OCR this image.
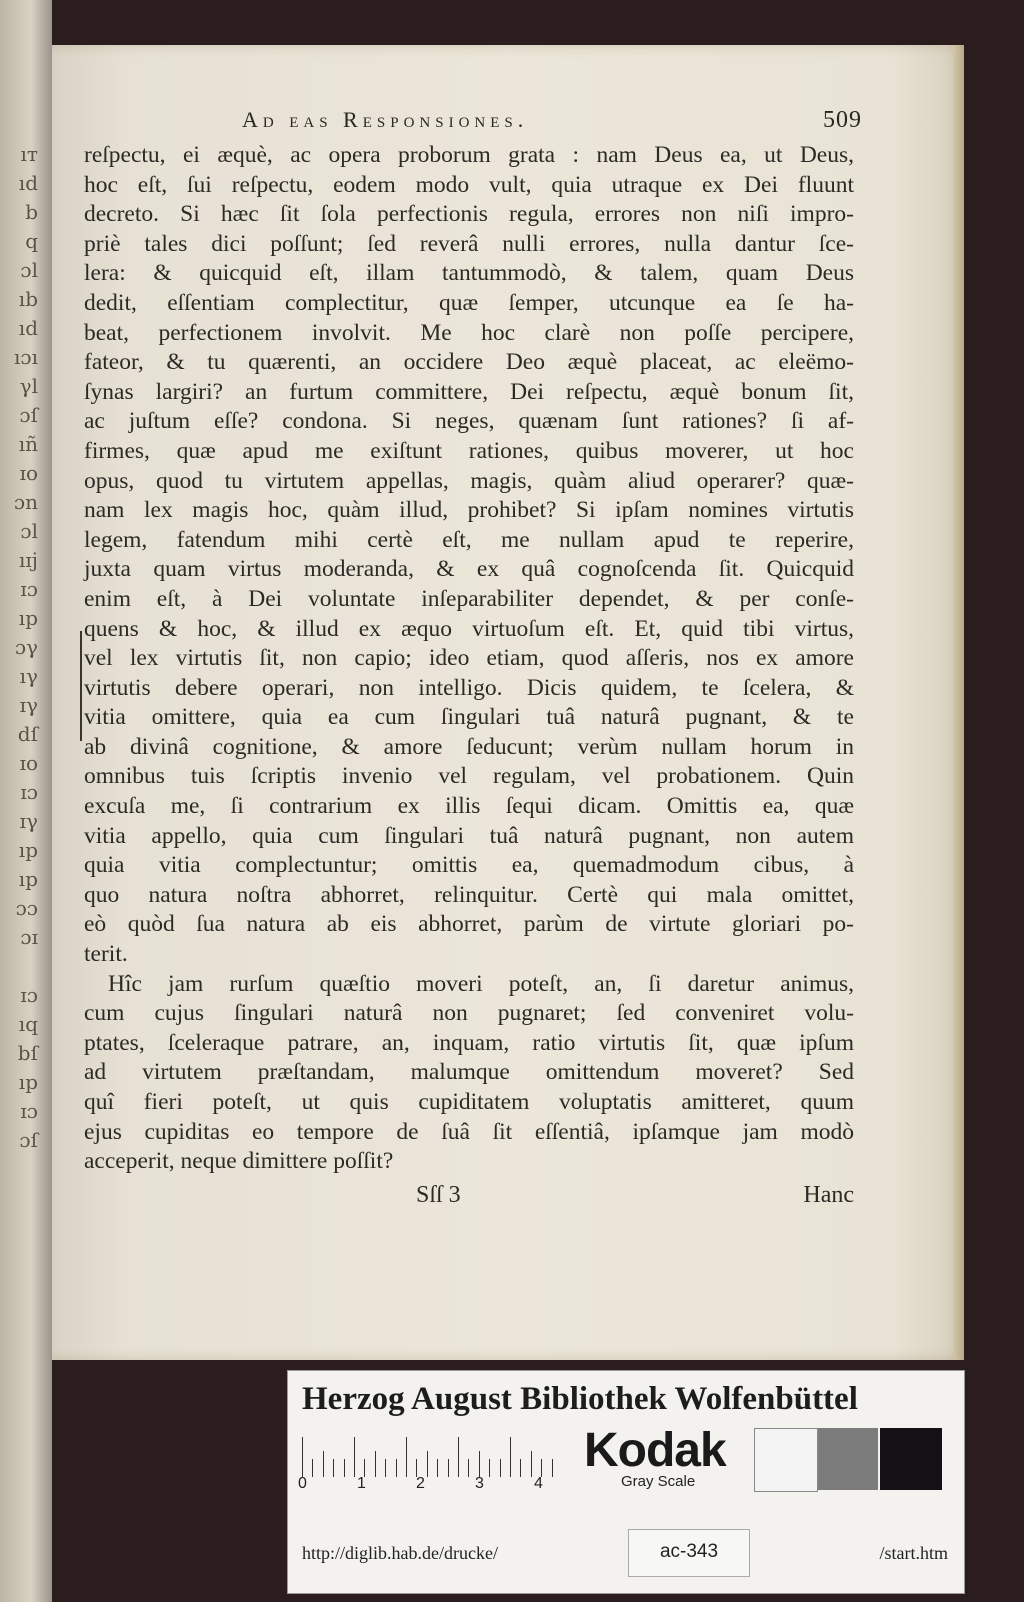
ıт
ıd
b
q
ɔl
ıb
ıd
ıɔı
γl
ɔſ
ıñ
ɪo
ɔn
ɔl
ıɪj
ɪɔ
ıp
ɔγ
ıγ
ɪγ
dſ
ɪo
ɪɔ
ɪγ
ıp
ıp
ɔɔ
ɔɪ
ɪɔ
ıq
bſ
ıp
ɪɔ
ɔſ
Ad eas Responsiones.	509
reſpectu, ei æquè, ac opera proborum grata : nam Deus ea, ut Deus,
hoc eſt, ſui reſpectu, eodem modo vult, quia utraque ex Dei fluunt
decreto. Si hæc ſit ſola perfectionis regula, errores non niſi impro-
priè tales dici poſſunt; ſed reverâ nulli errores, nulla dantur ſce-
lera: & quicquid eſt, illam tantummodò, & talem, quam Deus
dedit, eſſentiam complectitur, quæ ſemper, utcunque ea ſe ha-
beat, perfectionem involvit. Me hoc clarè non poſſe percipere,
fateor, & tu quærenti, an occidere Deo æquè placeat, ac eleëmo-
ſynas largiri? an furtum committere, Dei reſpectu, æquè bonum ſit,
ac juſtum eſſe? condona. Si neges, quænam ſunt rationes? ſi af-
firmes, quæ apud me exiſtunt rationes, quibus moverer, ut hoc
opus, quod tu virtutem appellas, magis, quàm aliud operarer? quæ-
nam lex magis hoc, quàm illud, prohibet? Si ipſam nomines virtutis
legem, fatendum mihi certè eſt, me nullam apud te reperire,
juxta quam virtus moderanda, & ex quâ cognoſcenda ſit. Quicquid
enim eſt, à Dei voluntate inſeparabiliter dependet, & per conſe-
quens & hoc, & illud ex æquo virtuoſum eſt. Et, quid tibi virtus,
vel lex virtutis ſit, non capio; ideo etiam, quod aſſeris, nos ex amore
virtutis debere operari, non intelligo. Dicis quidem, te ſcelera, &
vitia omittere, quia ea cum ſingulari tuâ naturâ pugnant, & te
ab divinâ cognitione, & amore ſeducunt; verùm nullam horum in
omnibus tuis ſcriptis invenio vel regulam, vel probationem. Quin
excuſa me, ſi contrarium ex illis ſequi dicam. Omittis ea, quæ
vitia appello, quia cum ſingulari tuâ naturâ pugnant, non autem
quia vitia complectuntur; omittis ea, quemadmodum cibus, à
quo natura noſtra abhorret, relinquitur. Certè qui mala omittet,
eò quòd ſua natura ab eis abhorret, parùm de virtute gloriari po-
terit.
Hîc jam rurſum quæſtio moveri poteſt, an, ſi daretur animus,
cum cujus ſingulari naturâ non pugnaret; ſed conveniret volu-
ptates, ſceleraque patrare, an, inquam, ratio virtutis ſit, quæ ipſum
ad virtutem præſtandam, malumque omittendum moveret? Sed
quî fieri poteſt, ut quis cupiditatem voluptatis amitteret, quum
ejus cupiditas eo tempore de ſuâ ſit eſſentiâ, ipſamque jam modò
acceperit, neque dimittere poſſit?
Sſſ 3	Hanc
Herzog August Bibliothek Wolfenbüttel
0	1	2	3	4
Kodak
Gray Scale
http://diglib.hab.de/drucke/	ac-343	/start.htm
